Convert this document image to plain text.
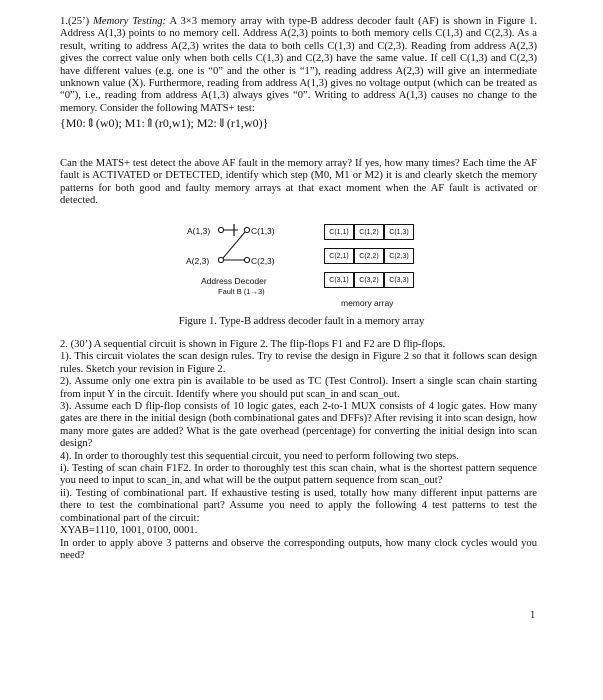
1.(25’) Memory Testing: A 3×3 memory array with type-B address decoder fault (AF) is shown in Figure 1. Address A(1,3) points to no memory cell. Address A(2,3) points to both memory cells C(1,3) and C(2,3). As a result, writing to address A(2,3) writes the data to both cells C(1,3) and C(2,3). Reading from address A(2,3) gives the correct value only when both cells C(1,3) and C(2,3) have the same value. If cell C(1,3) and C(2,3) have different values (e.g. one is “0” and the other is “1”), reading address A(2,3) will give an intermediate unknown value (X). Furthermore, reading from address A(1,3) gives no voltage output (which can be treated as “0”), i.e., reading from address A(1,3) always gives “0”. Writing to address A(1,3) causes no change to the memory. Consider the following MATS+ test:
{M0:⇕(w0); M1:⇑(r0,w1); M2:⇓(r1,w0)}
Can the MATS+ test detect the above AF fault in the memory array? If yes, how many times? Each time the AF fault is ACTIVATED or DETECTED, identify which step (M0, M1 or M2) it is and clearly sketch the memory patterns for both good and faulty memory arrays at that exact moment when the AF fault is activated or detected.
A(1,3)
A(2,3)
C(1,3)
C(2,3)
Address Decoder
Fault B (1→3)
C(1,1)	C(1,2)	C(1,3)
C(2,1)	C(2,2)	C(2,3)
C(3,1)	C(3,2)	C(3,3)
memory array
Figure 1. Type-B address decoder fault in a memory array

2. (30’) A sequential circuit is shown in Figure 2. The flip-flops F1 and F2 are D flip-flops.

1). This circuit violates the scan design rules. Try to revise the design in Figure 2 so that it follows scan design rules. Sketch your revision in Figure 2.

2). Assume only one extra pin is available to be used as TC (Test Control). Insert a single scan chain starting from input Y in the circuit. Identify where you should put scan_in and scan_out.

3). Assume each D flip-flop consists of 10 logic gates, each 2-to-1 MUX consists of 4 logic gates. How many gates are there in the initial design (both combinational gates and DFFs)? After revising it into scan design, how many more gates are added? What is the gate overhead (percentage) for converting the initial design into scan design?

4). In order to thoroughly test this sequential circuit, you need to perform following two steps.

i). Testing of scan chain F1F2. In order to thoroughly test this scan chain, what is the shortest pattern sequence you need to input to scan_in, and what will be the output pattern sequence from scan_out?

ii). Testing of combinational part. If exhaustive testing is used, totally how many different input patterns are there to test the combinational part? Assume you need to apply the following 4 test patterns to test the combinational part of the circuit:

XYAB=1110, 1001, 0100, 0001.

In order to apply above 3 patterns and observe the corresponding outputs, how many clock cycles would you need?

1
